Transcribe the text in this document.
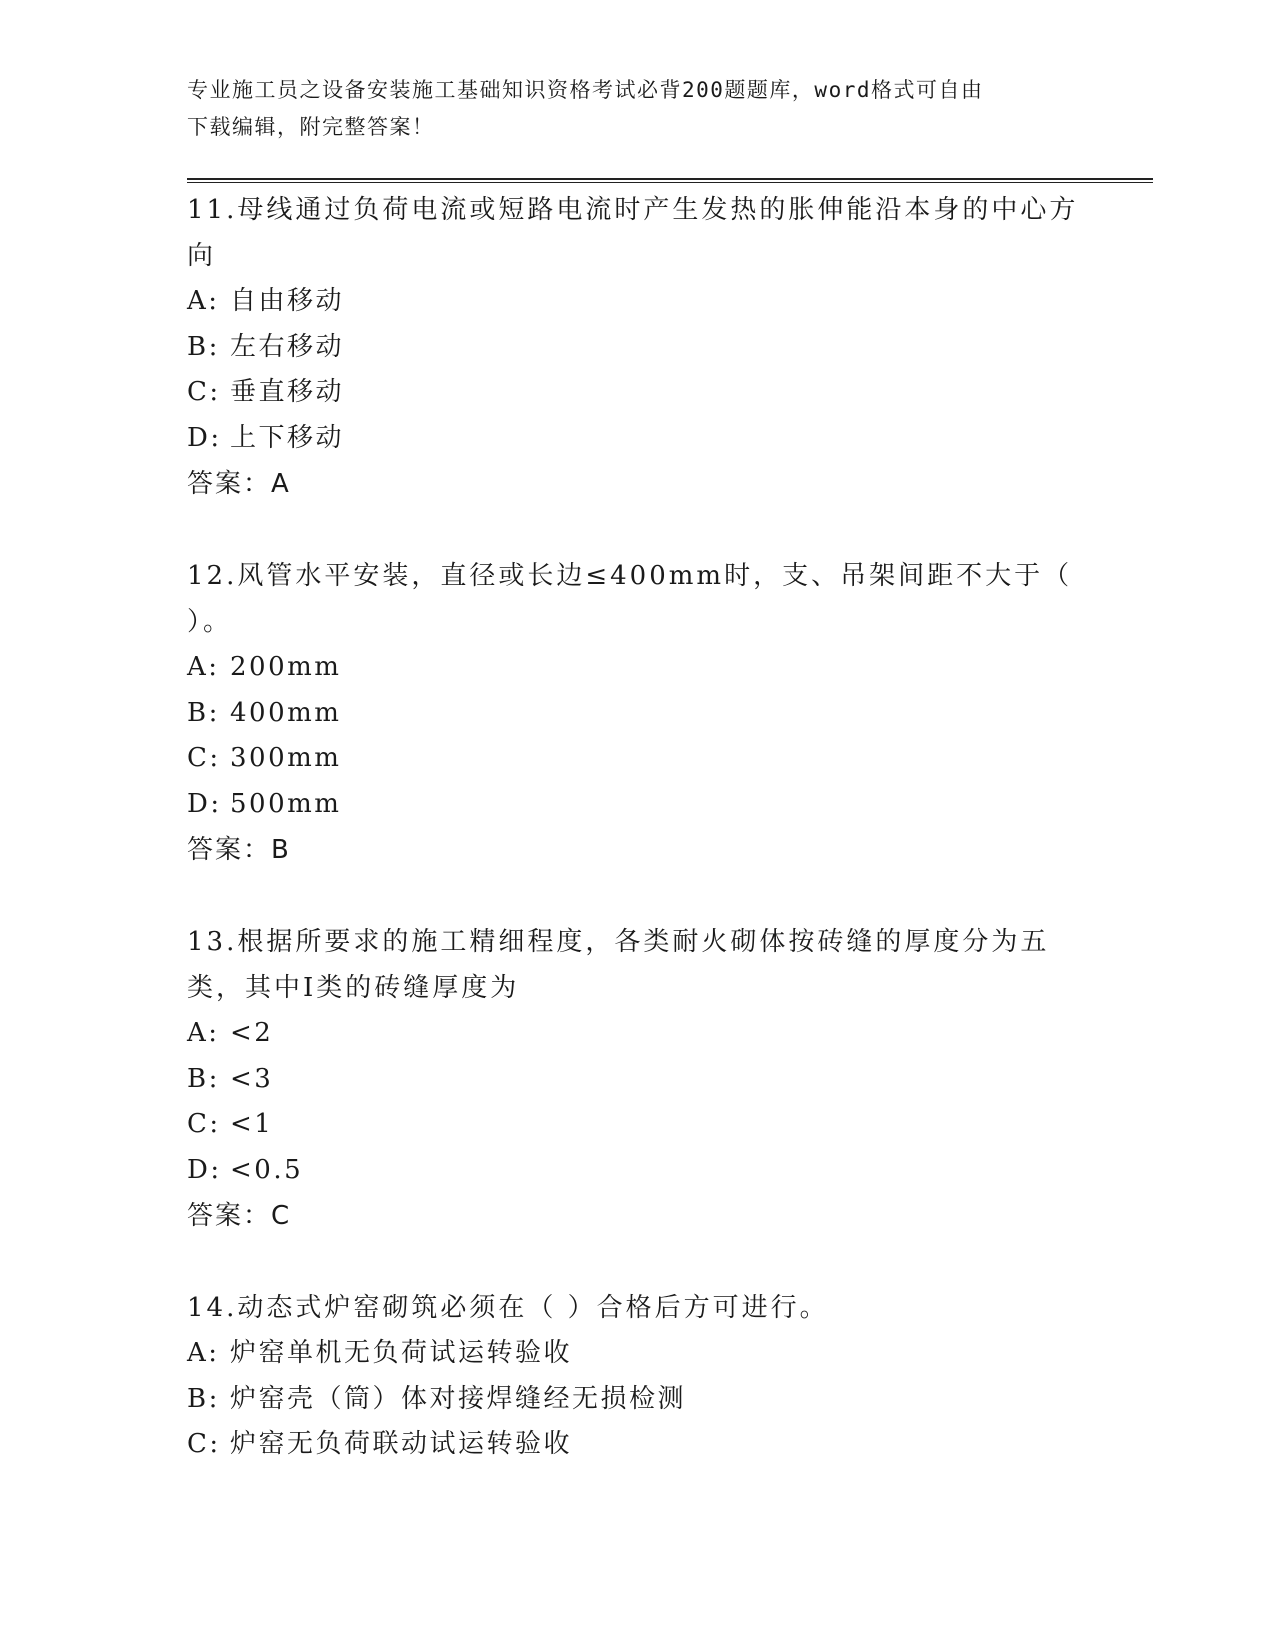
专业施工员之设备安装施工基础知识资格考试必背200题题库，word格式可自由
下载编辑，附完整答案！
11.母线通过负荷电流或短路电流时产生发热的胀伸能沿本身的中心方向
A: 自由移动
B: 左右移动
C: 垂直移动
D: 上下移动
答案： A
12.风管水平安装，直径或长边≤400mm时，支、吊架间距不大于（ ）。
A: 200mm
B: 400mm
C: 300mm
D: 500mm
答案： B
13.根据所要求的施工精细程度，各类耐火砌体按砖缝的厚度分为五类，其中Ⅰ类的砖缝厚度为
A: <2
B: <3
C: <1
D: <0.5
答案： C
14.动态式炉窑砌筑必须在（ ）合格后方可进行。
A: 炉窑单机无负荷试运转验收
B: 炉窑壳（筒）体对接焊缝经无损检测
C: 炉窑无负荷联动试运转验收
